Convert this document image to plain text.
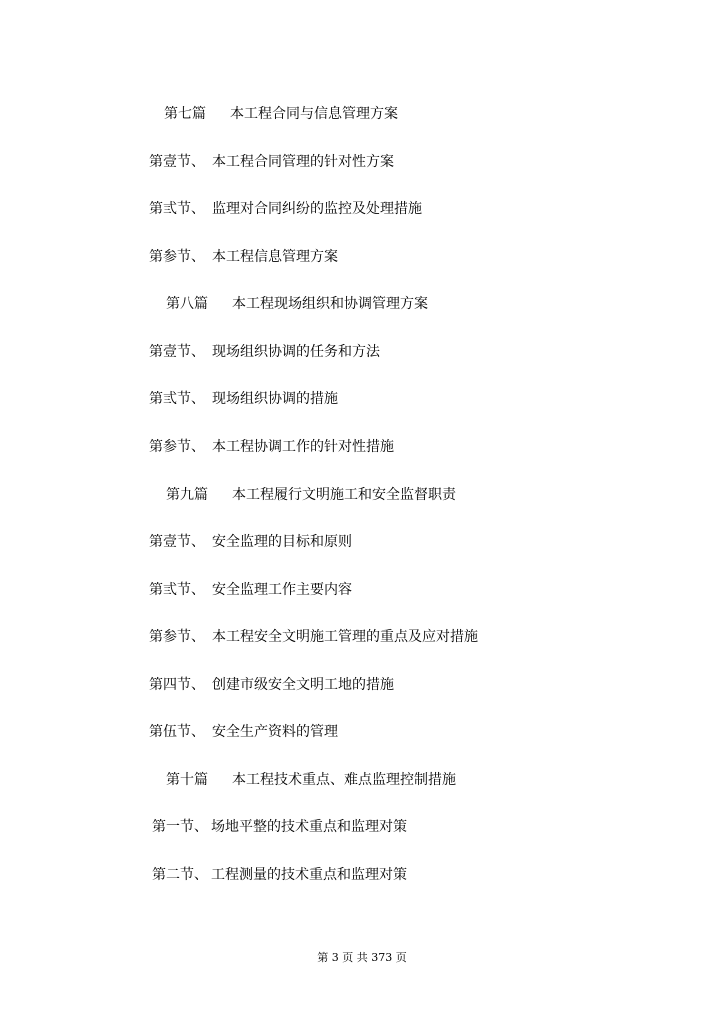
第七篇 本工程合同与信息管理方案
第壹节、 本工程合同管理的针对性方案
第弎节、 监理对合同纠纷的监控及处理措施
第参节、 本工程信息管理方案
第八篇 本工程现场组织和协调管理方案
第壹节、 现场组织协调的任务和方法
第弎节、 现场组织协调的措施
第参节、 本工程协调工作的针对性措施
第九篇 本工程履行文明施工和安全监督职责
第壹节、 安全监理的目标和原则
第弎节、 安全监理工作主要内容
第参节、 本工程安全文明施工管理的重点及应对措施
第四节、 创建市级安全文明工地的措施
第伍节、 安全生产资料的管理
第十篇 本工程技术重点、难点监理控制措施
第一节、 场地平整的技术重点和监理对策
第二节、 工程测量的技术重点和监理对策
第 3 页 共 373 页
